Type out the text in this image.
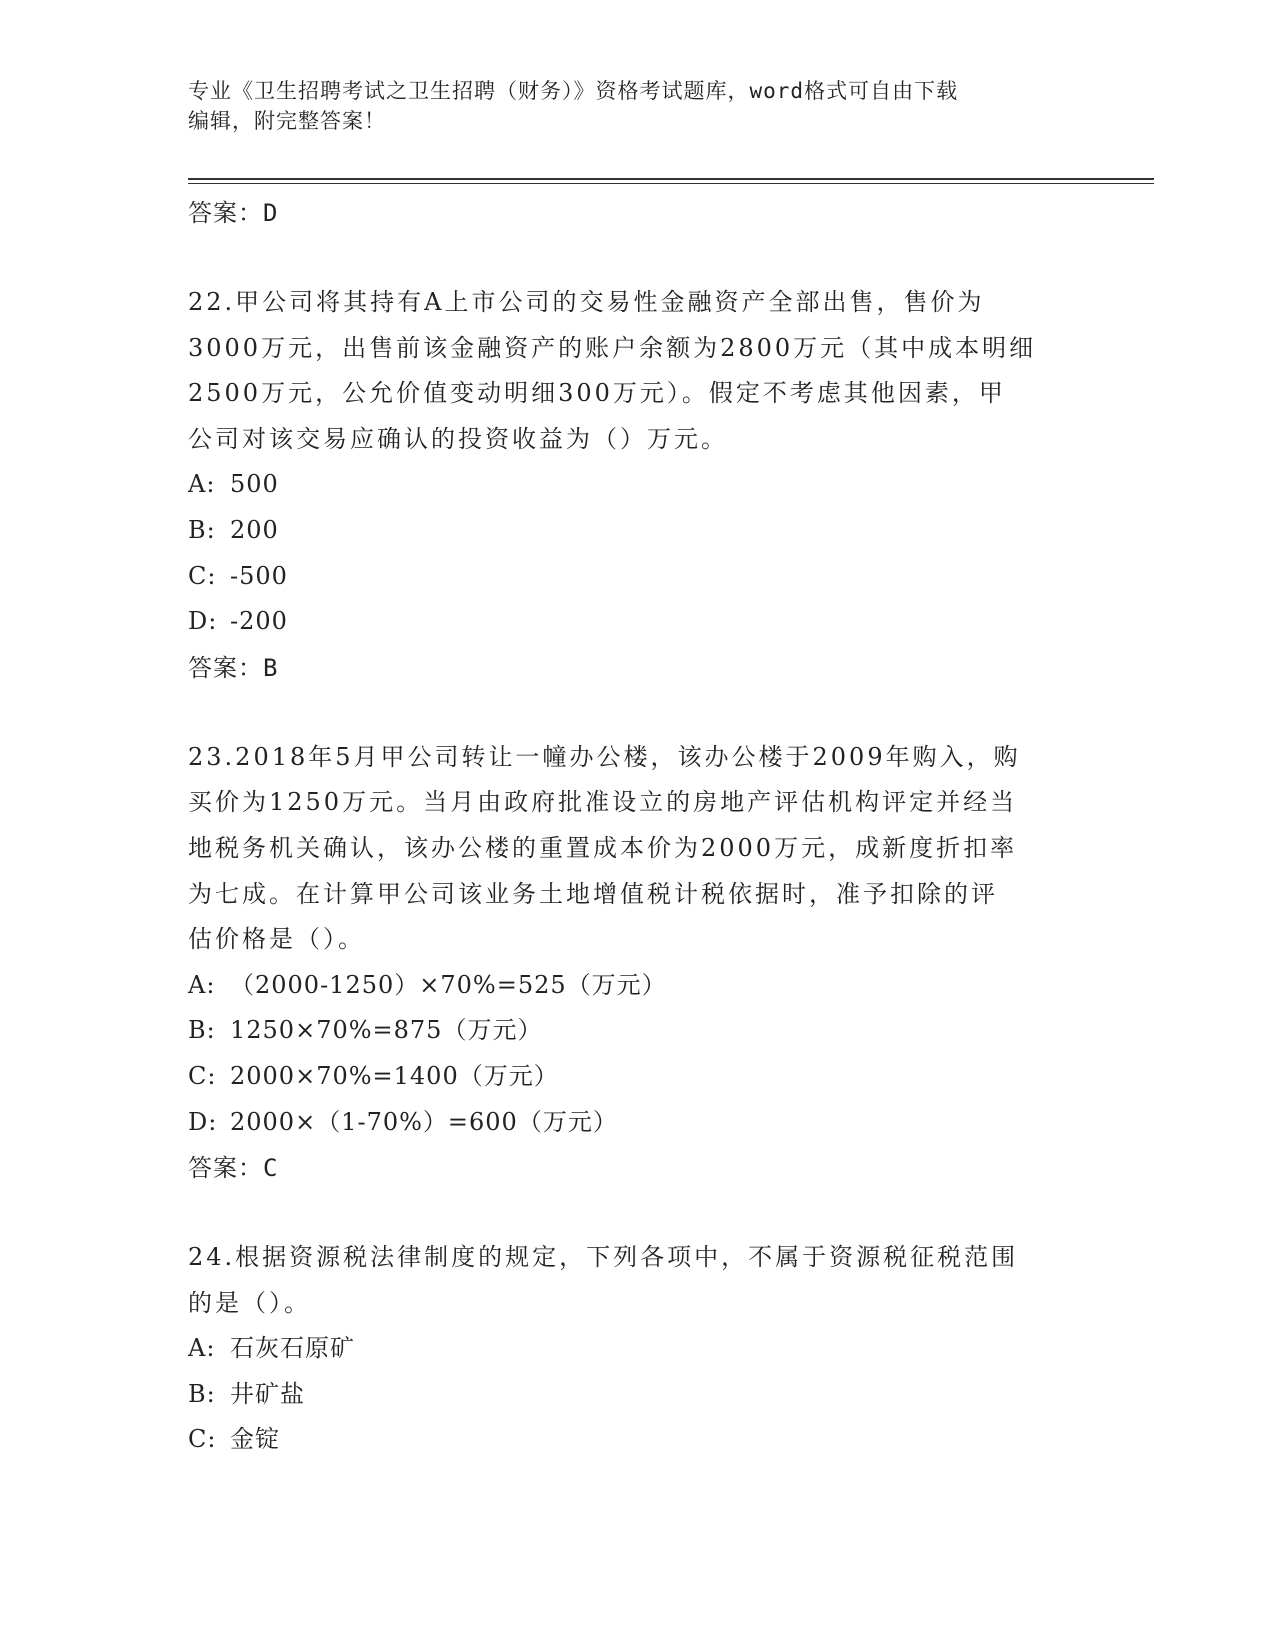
专业《卫生招聘考试之卫生招聘（财务）》资格考试题库，word格式可自由下载
编辑，附完整答案！
答案：D
22.甲公司将其持有A上市公司的交易性金融资产全部出售，售价为
3000万元，出售前该金融资产的账户余额为2800万元（其中成本明细
2500万元，公允价值变动明细300万元）。假定不考虑其他因素，甲
公司对该交易应确认的投资收益为（）万元。
A: 500
B: 200
C: -500
D: -200
答案：B
23.2018年5月甲公司转让一幢办公楼，该办公楼于2009年购入，购
买价为1250万元。当月由政府批准设立的房地产评估机构评定并经当
地税务机关确认，该办公楼的重置成本价为2000万元，成新度折扣率
为七成。在计算甲公司该业务土地增值税计税依据时，准予扣除的评
估价格是（）。
A: （2000-1250）×70%=525（万元）
B: 1250×70%=875（万元）
C: 2000×70%=1400（万元）
D: 2000×（1-70%）=600（万元）
答案：C
24.根据资源税法律制度的规定，下列各项中，不属于资源税征税范围
的是（）。
A: 石灰石原矿
B: 井矿盐
C: 金锭
